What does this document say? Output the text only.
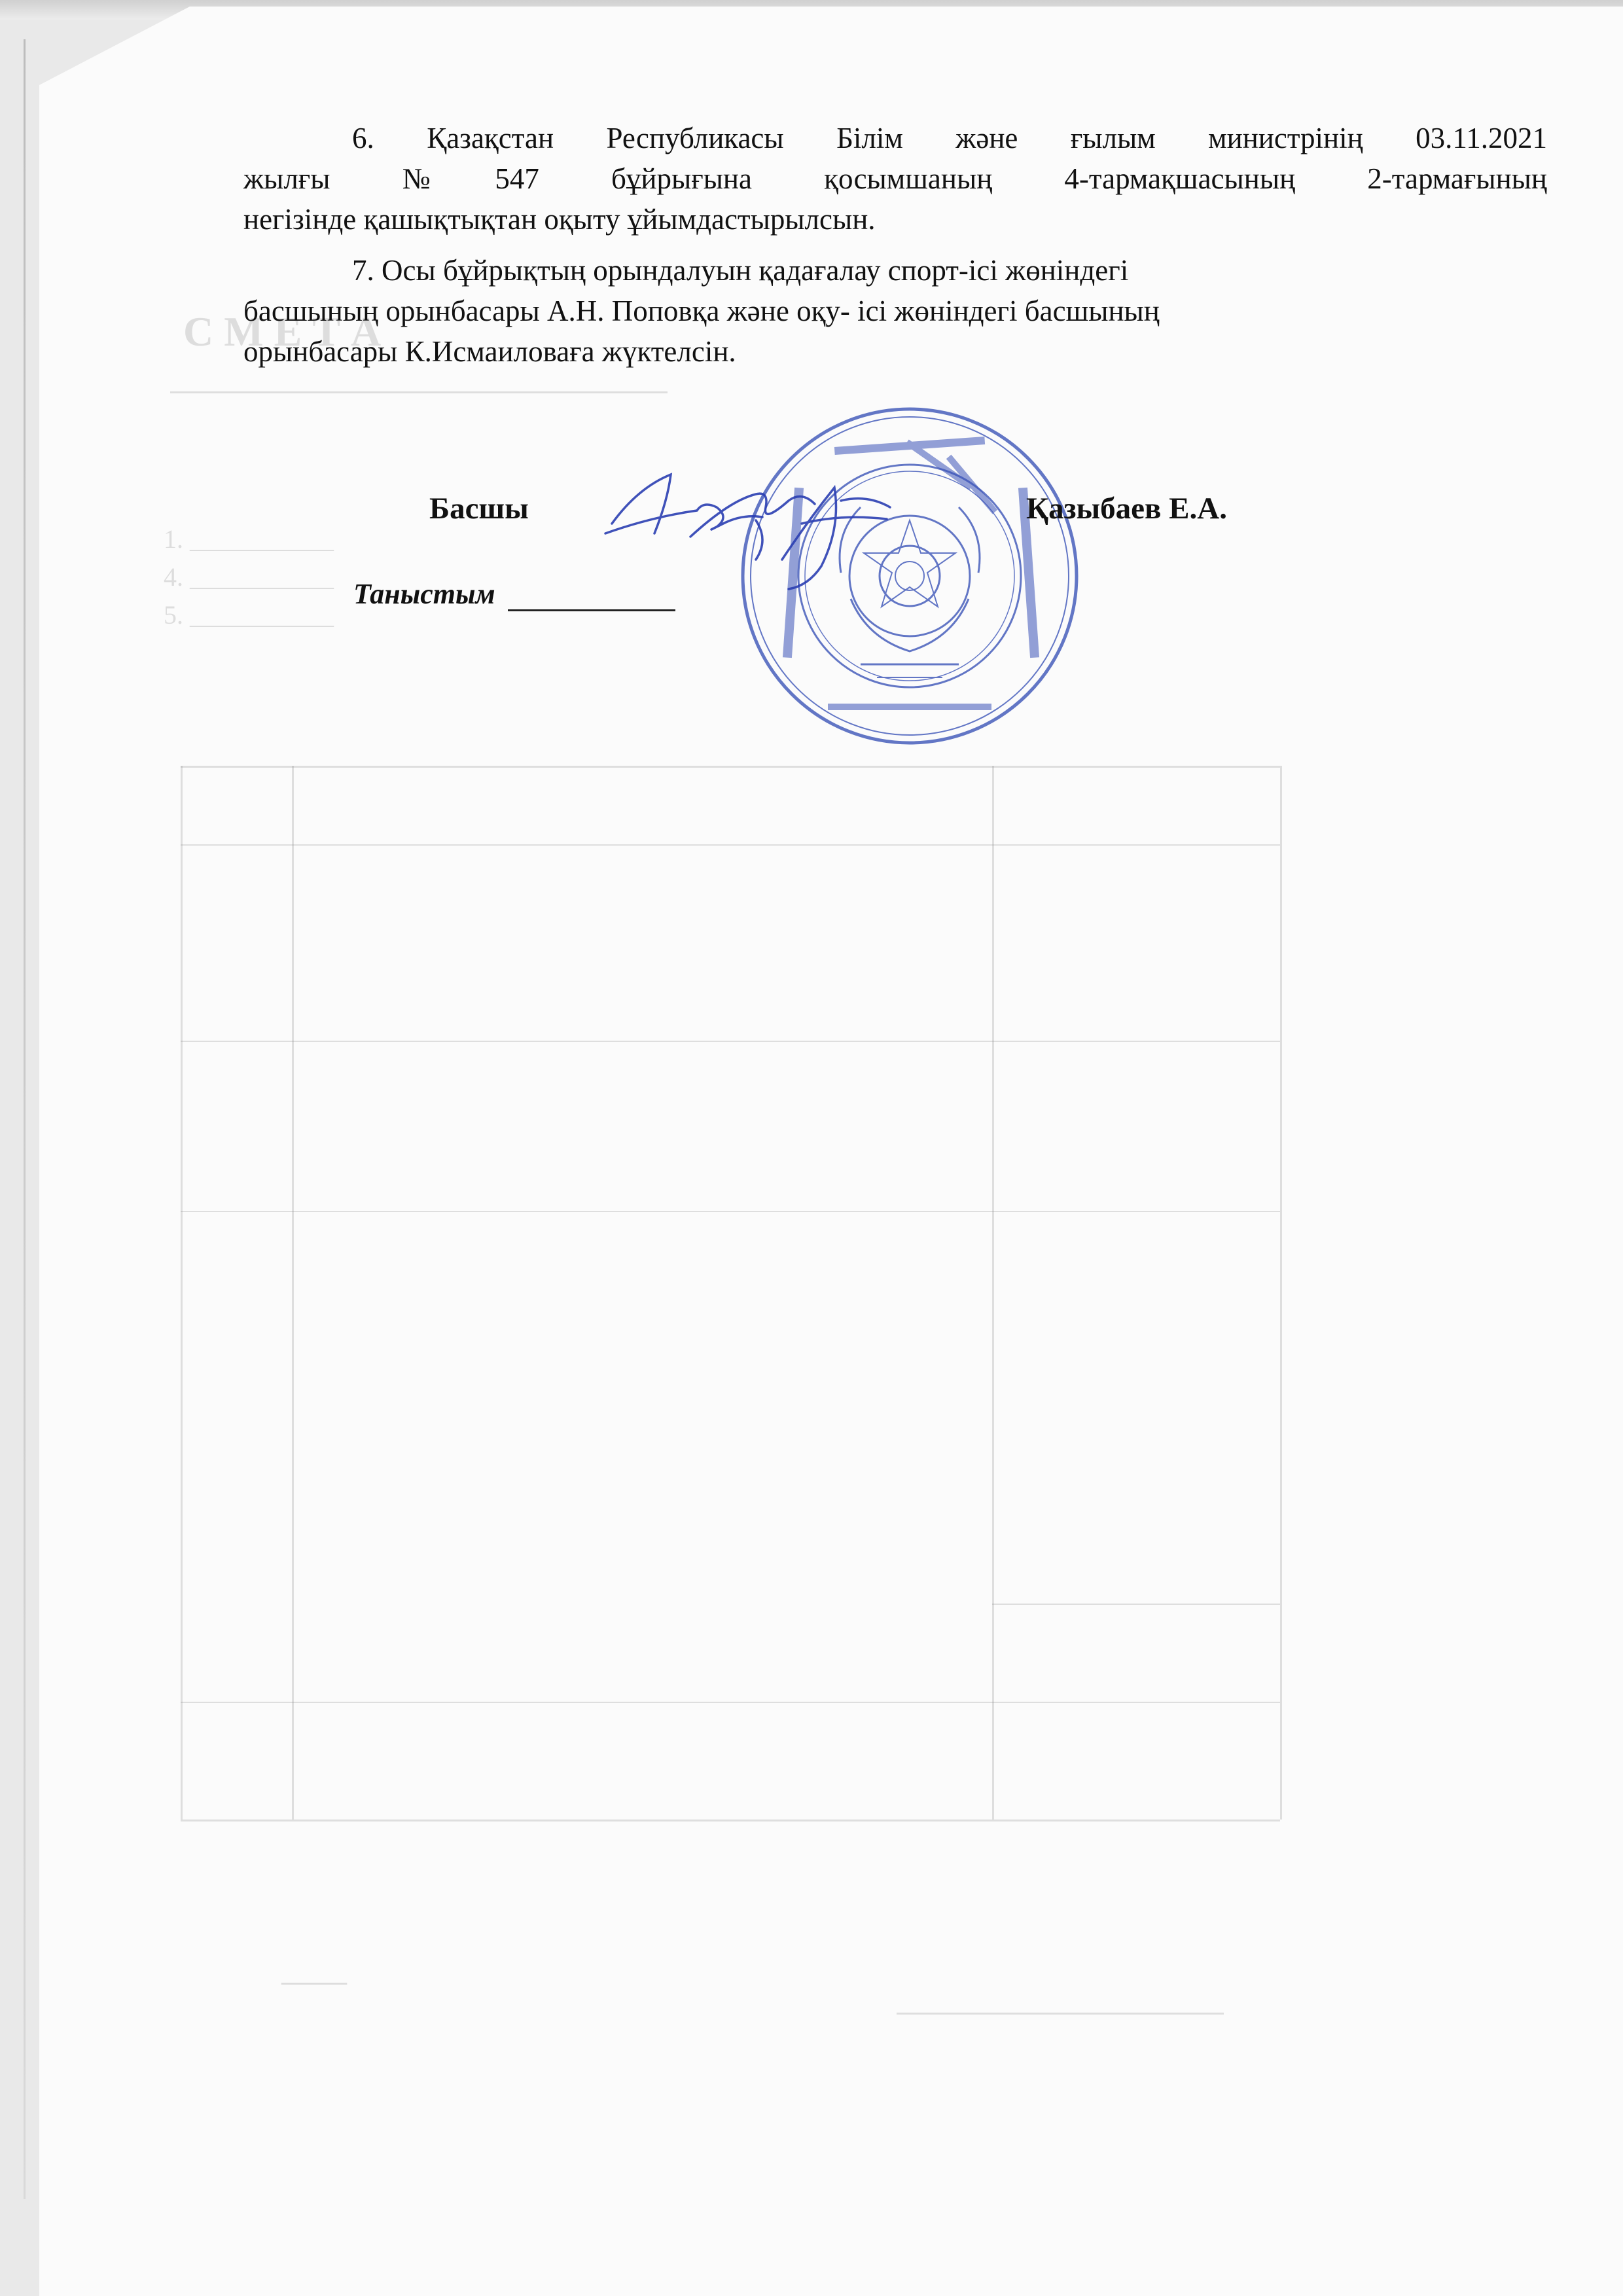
С М Е Т А
1. ___________
4. ___________
5. ___________
_____
6. Қазақстан Республикасы Білім және ғылым министрінің 03.11.2021
жылғы №547 бұйрығына қосымшаның 4-тармақшасының 2-тармағының
негізінде қашықтықтан оқыту ұйымдастырылсын.
7. Осы бұйрықтың орындалуын қадағалау спорт-ісі жөніндегі
басшының орынбасары А.Н. Поповқа және оқу- ісі жөніндегі басшының
орынбасары К.Исмаиловаға жүктелсін.
Басшы	Қазыбаев Е.А.
Таныстым
